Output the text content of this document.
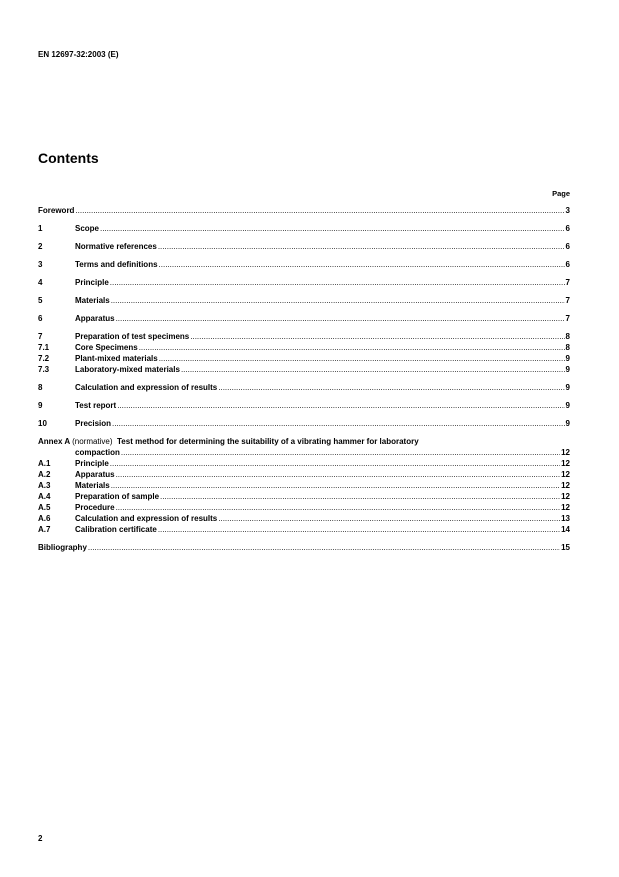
EN 12697-32:2003 (E)
Contents
Page
Foreword .....	3
1	Scope .....	6
2	Normative references .....	6
3	Terms and definitions .....	6
4	Principle .....	7
5	Materials .....	7
6	Apparatus .....	7
7	Preparation of test specimens .....	8
7.1	Core Specimens .....	8
7.2	Plant-mixed materials .....	9
7.3	Laboratory-mixed materials .....	9
8	Calculation and expression of results .....	9
9	Test report .....	9
10	Precision .....	9
Annex A (normative) Test method for determining the suitability of a vibrating hammer for laboratory
compaction .....	12
A.1	Principle .....	12
A.2	Apparatus .....	12
A.3	Materials .....	12
A.4	Preparation of sample .....	12
A.5	Procedure .....	12
A.6	Calculation and expression of results .....	13
A.7	Calibration certificate .....	14
Bibliography .....	15
2
